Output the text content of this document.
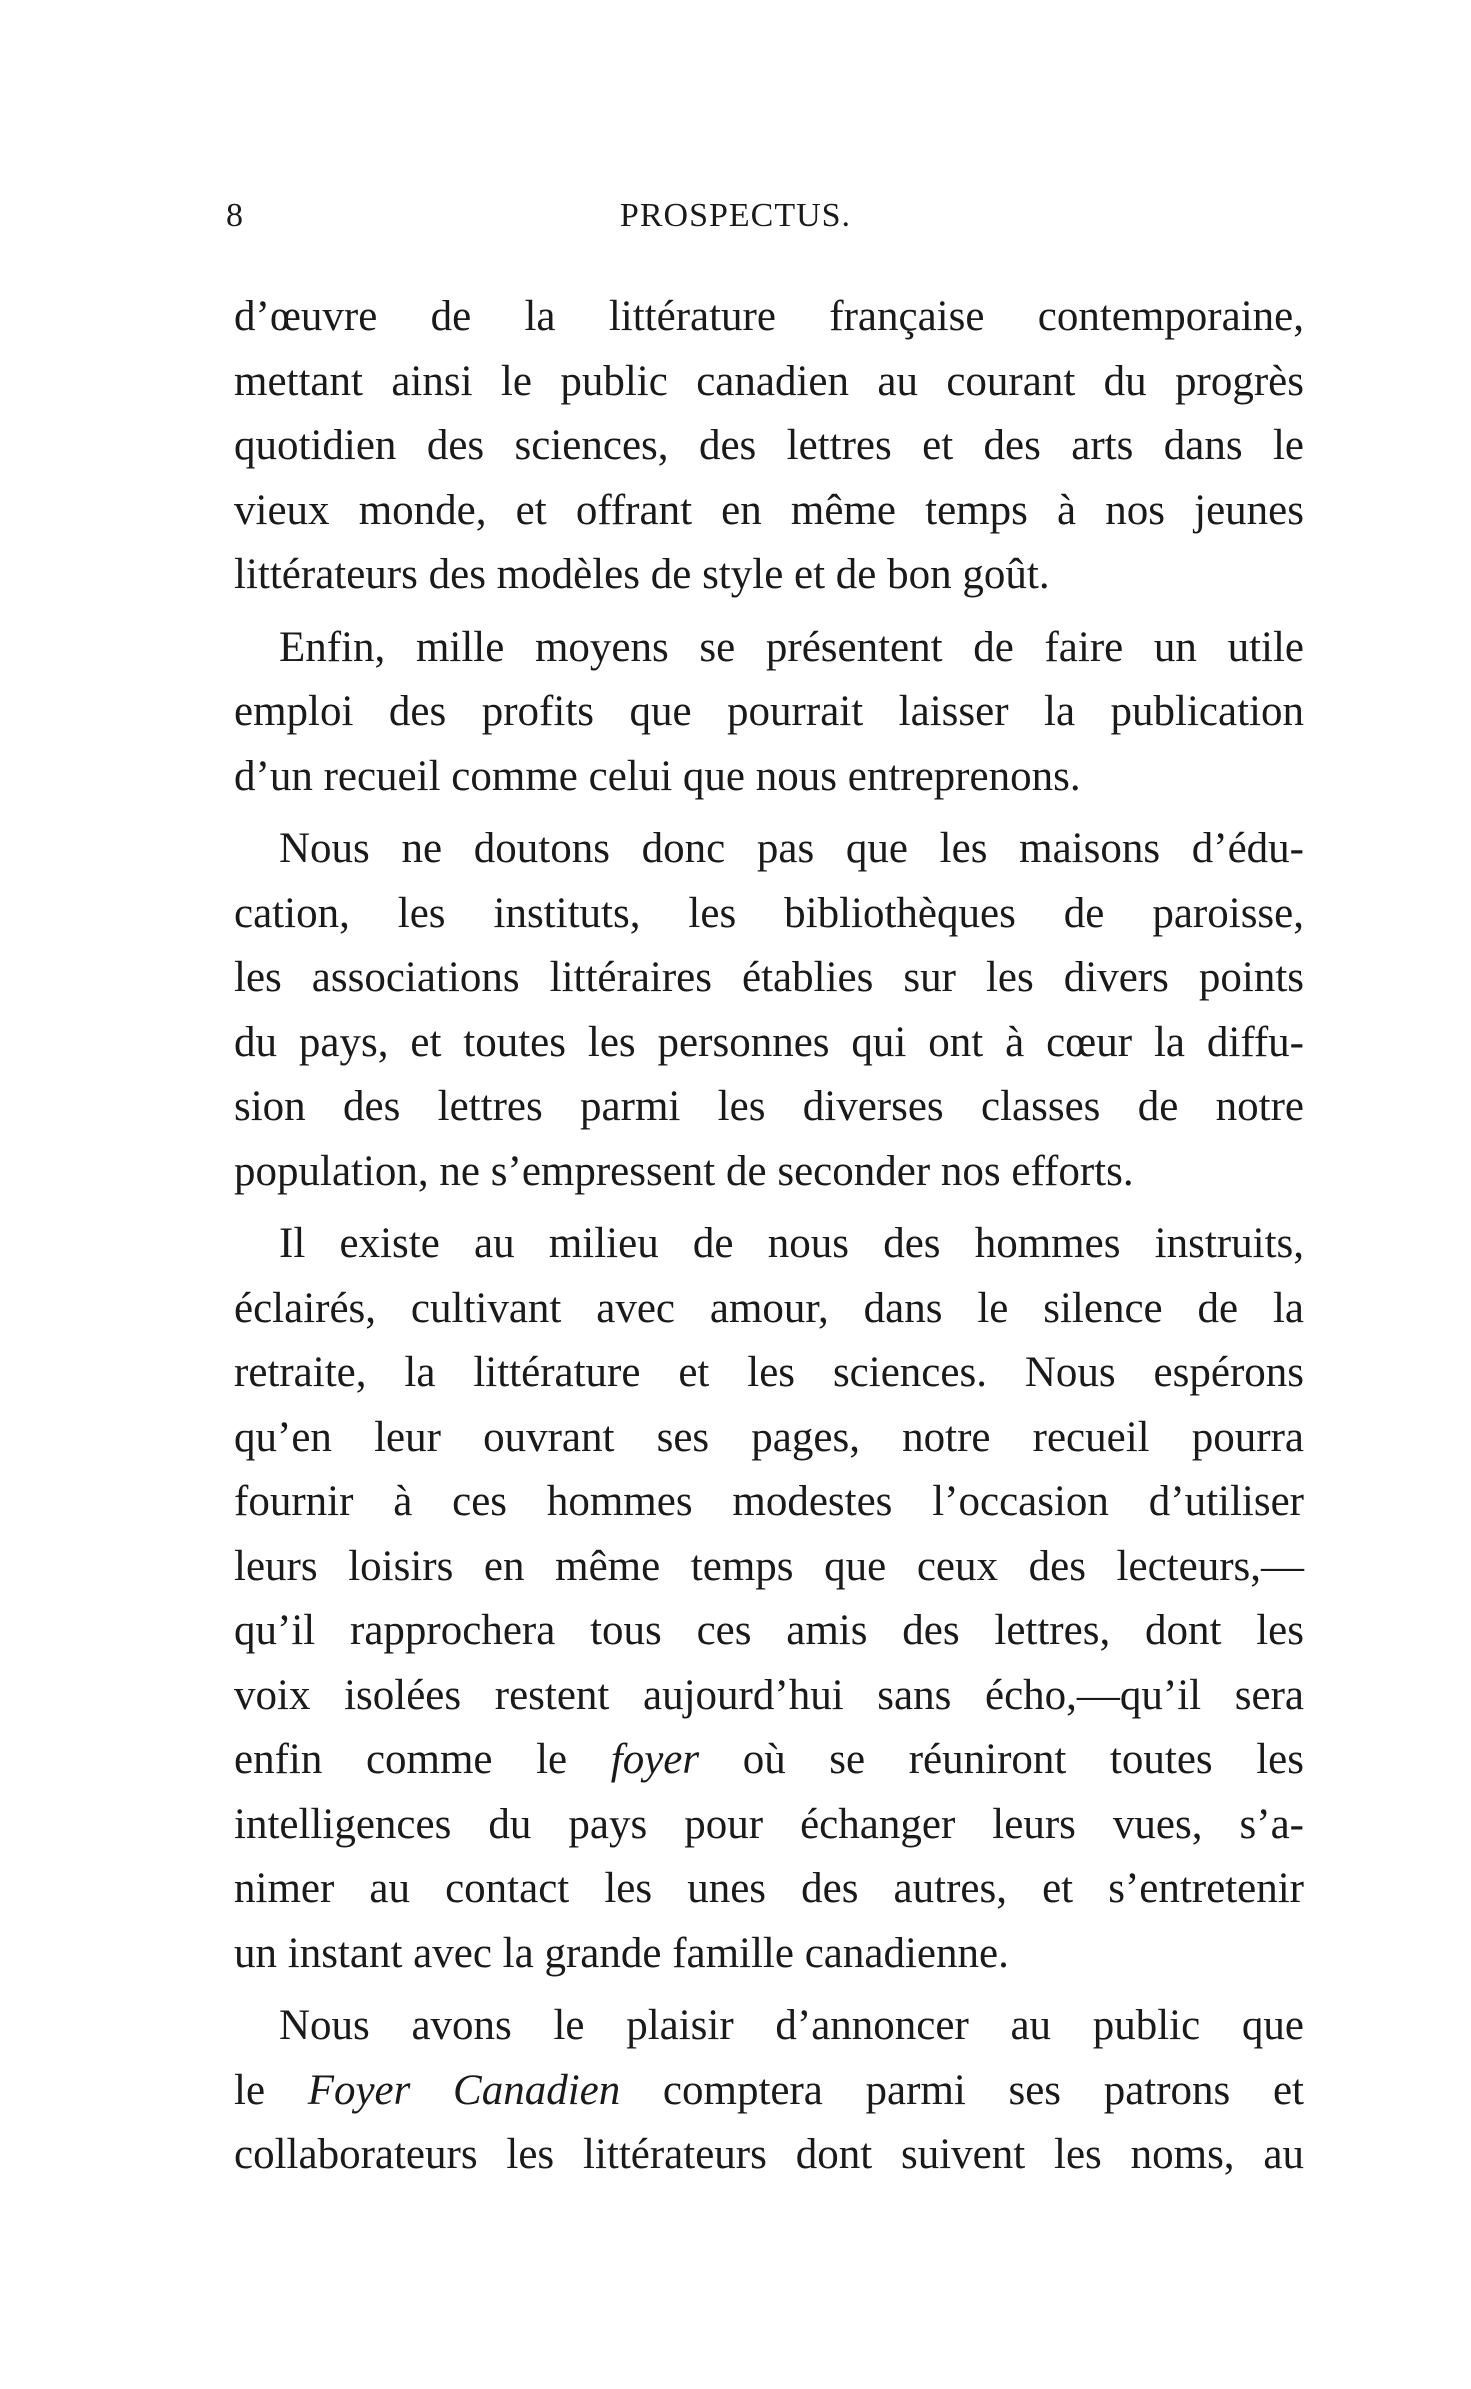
8	PROSPECTUS.
d’œuvre de la littérature française contemporaine,
mettant ainsi le public canadien au courant du progrès
quotidien des sciences, des lettres et des arts dans le
vieux monde, et offrant en même temps à nos jeunes
littérateurs des modèles de style et de bon goût.
Enfin, mille moyens se présentent de faire un utile
emploi des profits que pourrait laisser la publication
d’un recueil comme celui que nous entreprenons.
Nous ne doutons donc pas que les maisons d’édu-
cation, les instituts, les bibliothèques de paroisse,
les associations littéraires établies sur les divers points
du pays, et toutes les personnes qui ont à cœur la diffu-
sion des lettres parmi les diverses classes de notre
population, ne s’empressent de seconder nos efforts.
Il existe au milieu de nous des hommes instruits,
éclairés, cultivant avec amour, dans le silence de la
retraite, la littérature et les sciences. Nous espérons
qu’en leur ouvrant ses pages, notre recueil pourra
fournir à ces hommes modestes l’occasion d’utiliser
leurs loisirs en même temps que ceux des lecteurs,—
qu’il rapprochera tous ces amis des lettres, dont les
voix isolées restent aujourd’hui sans écho,—qu’il sera
enfin comme le foyer où se réuniront toutes les
intelligences du pays pour échanger leurs vues, s’a-
nimer au contact les unes des autres, et s’entretenir
un instant avec la grande famille canadienne.
Nous avons le plaisir d’annoncer au public que
le Foyer Canadien comptera parmi ses patrons et
collaborateurs les littérateurs dont suivent les noms, au
